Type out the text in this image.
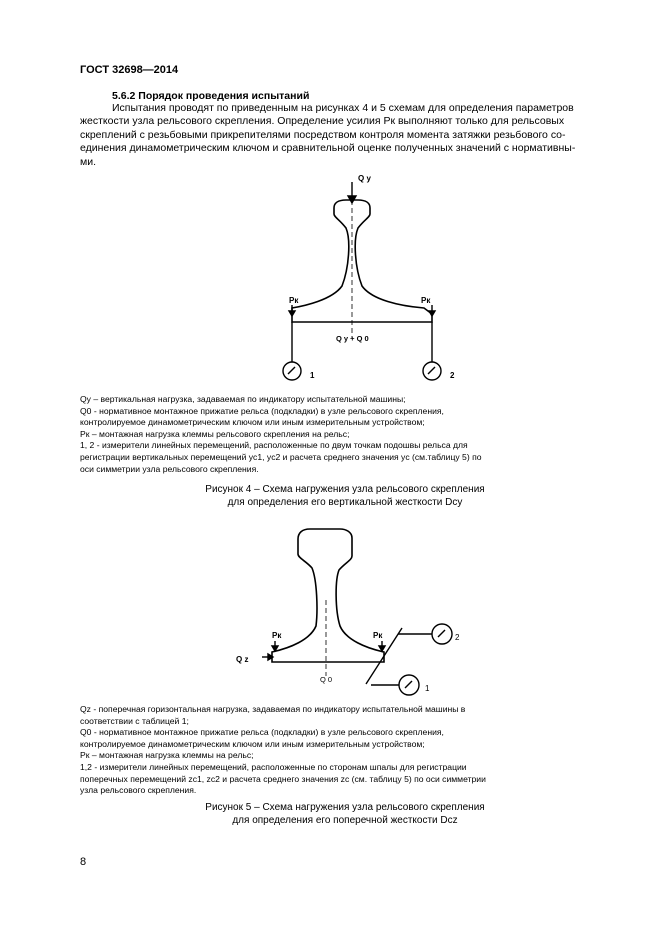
ГОСТ 32698—2014
5.6.2 Порядок проведения испытаний
Испытания проводят по приведенным на рисунках 4 и 5 схемам для определения параметров
жесткости узла рельсового скрепления. Определение усилия Pк выполняют только для рельсовых
скреплений с резьбовыми прикрепителями посредством контроля момента затяжки резьбового со-
единения динамометрическим ключом и сравнительной оценке полученных значений с нормативны-
ми.
Q y
Pк	Pк
Q y + Q 0
1	2
Qy – вертикальная нагрузка, задаваемая по индикатору испытательной машины;
Q0 - нормативное монтажное прижатие рельса (подкладки) в узле рельсового скрепления,
контролируемое динамометрическим ключом или иным измерительным устройством;
Pк – монтажная нагрузка клеммы рельсового скрепления на рельс;
1, 2 - измерители линейных перемещений, расположенные по двум точкам подошвы рельса для
регистрации вертикальных перемещений yc1, yc2 и расчета среднего значения yc (см.таблицу 5) по
оси симметрии узла рельсового скрепления.
Рисунок 4 – Схема нагружения узла рельсового скрепления
для определения его вертикальной жесткости Dcy
Q z
Pк	Pк
Q 0
2
1
Qz - поперечная горизонтальная нагрузка, задаваемая по индикатору испытательной машины в
соответствии с таблицей 1;
Q0 - нормативное монтажное прижатие рельса (подкладки) в узле рельсового скрепления,
контролируемое динамометрическим ключом или иным измерительным устройством;
Pк – монтажная нагрузка клеммы на рельс;
1,2 - измерители линейных перемещений, расположенные по сторонам шпалы для регистрации
поперечных перемещений zc1, zc2 и расчета среднего значения zc (см. таблицу 5) по оси симметрии
узла рельсового скрепления.
Рисунок 5 – Схема нагружения узла рельсового скрепления
для определения его поперечной жесткости Dcz
8
